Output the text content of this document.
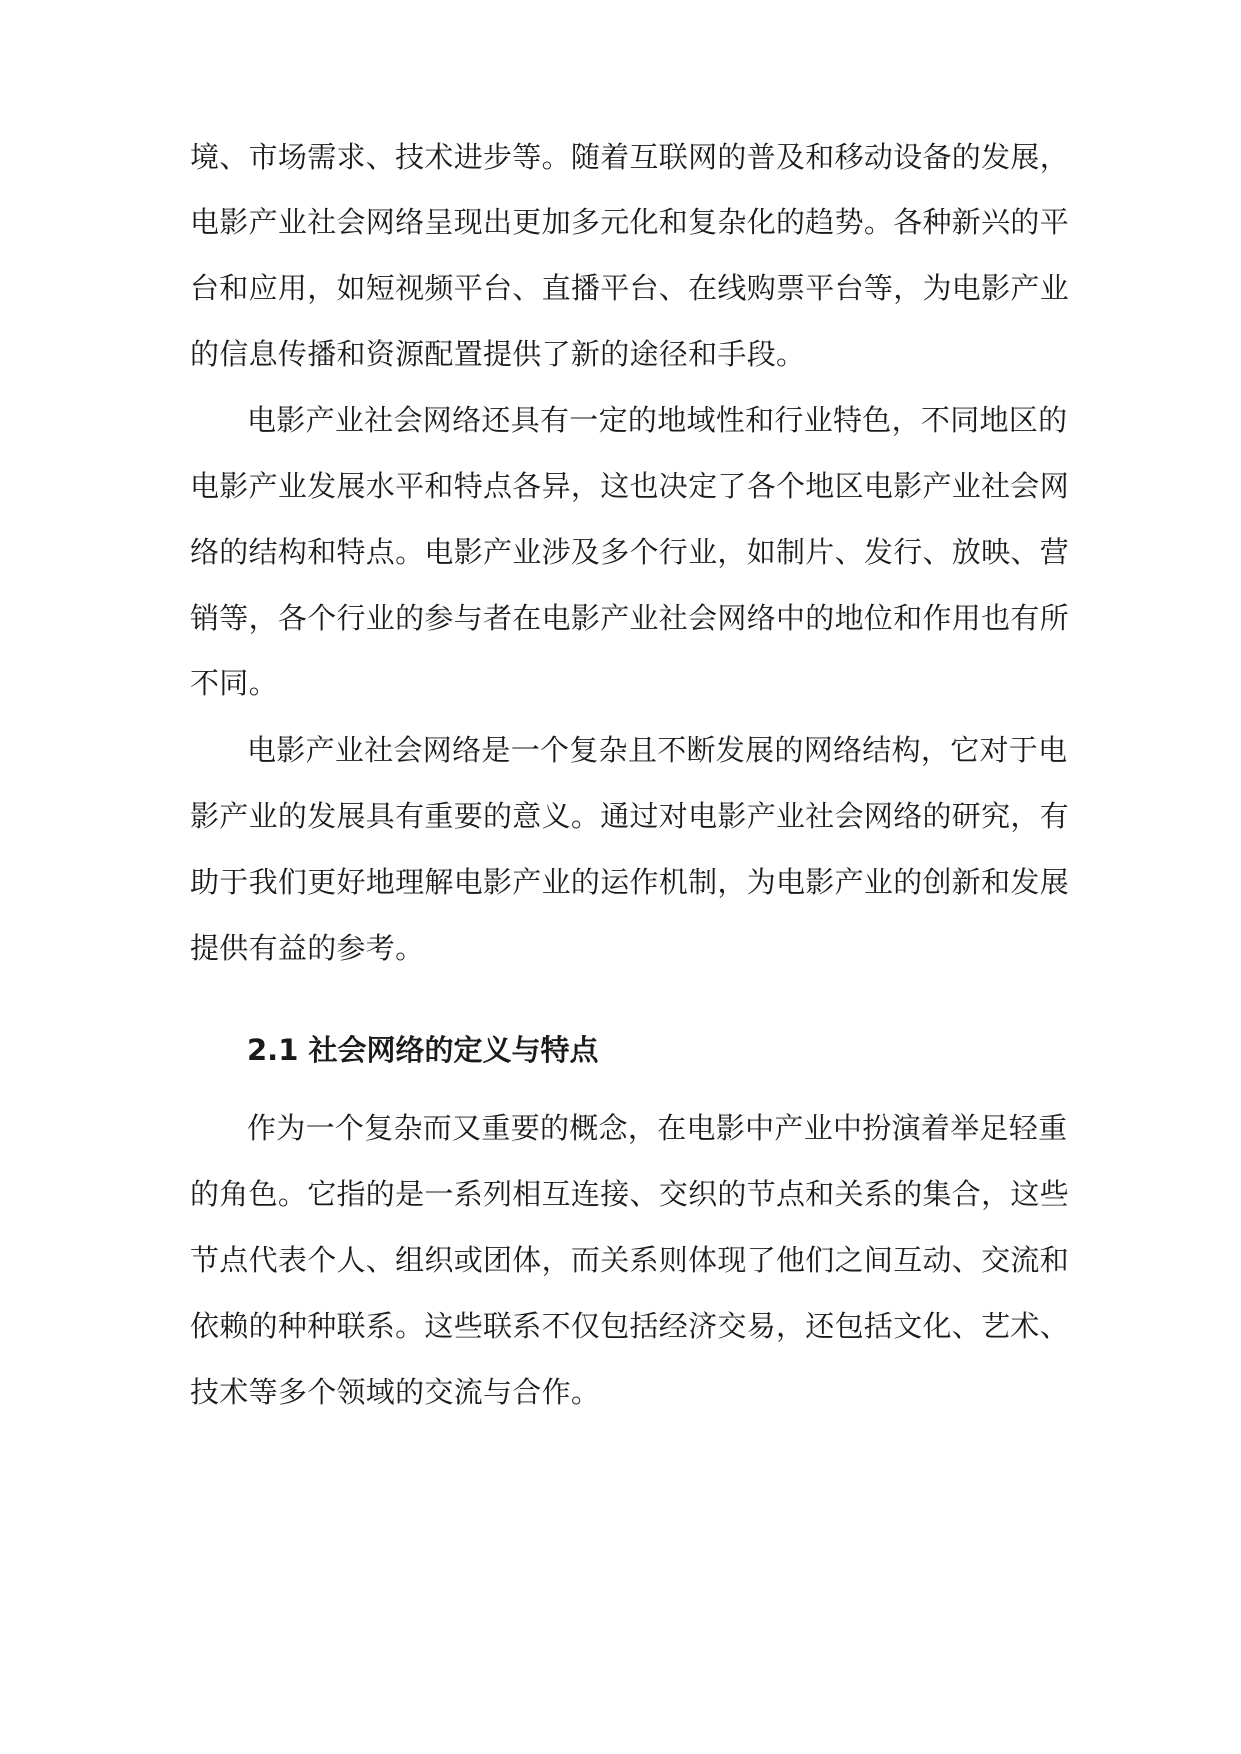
境、市场需求、技术进步等。随着互联网的普及和移动设备的发展，
电影产业社会网络呈现出更加多元化和复杂化的趋势。各种新兴的平
台和应用，如短视频平台、直播平台、在线购票平台等，为电影产业
的信息传播和资源配置提供了新的途径和手段。
电影产业社会网络还具有一定的地域性和行业特色，不同地区的
电影产业发展水平和特点各异，这也决定了各个地区电影产业社会网
络的结构和特点。电影产业涉及多个行业，如制片、发行、放映、营
销等，各个行业的参与者在电影产业社会网络中的地位和作用也有所
不同。
电影产业社会网络是一个复杂且不断发展的网络结构，它对于电
影产业的发展具有重要的意义。通过对电影产业社会网络的研究，有
助于我们更好地理解电影产业的运作机制，为电影产业的创新和发展
提供有益的参考。
2.1 社会网络的定义与特点
作为一个复杂而又重要的概念，在电影中产业中扮演着举足轻重
的角色。它指的是一系列相互连接、交织的节点和关系的集合，这些
节点代表个人、组织或团体，而关系则体现了他们之间互动、交流和
依赖的种种联系。这些联系不仅包括经济交易，还包括文化、艺术、
技术等多个领域的交流与合作。
